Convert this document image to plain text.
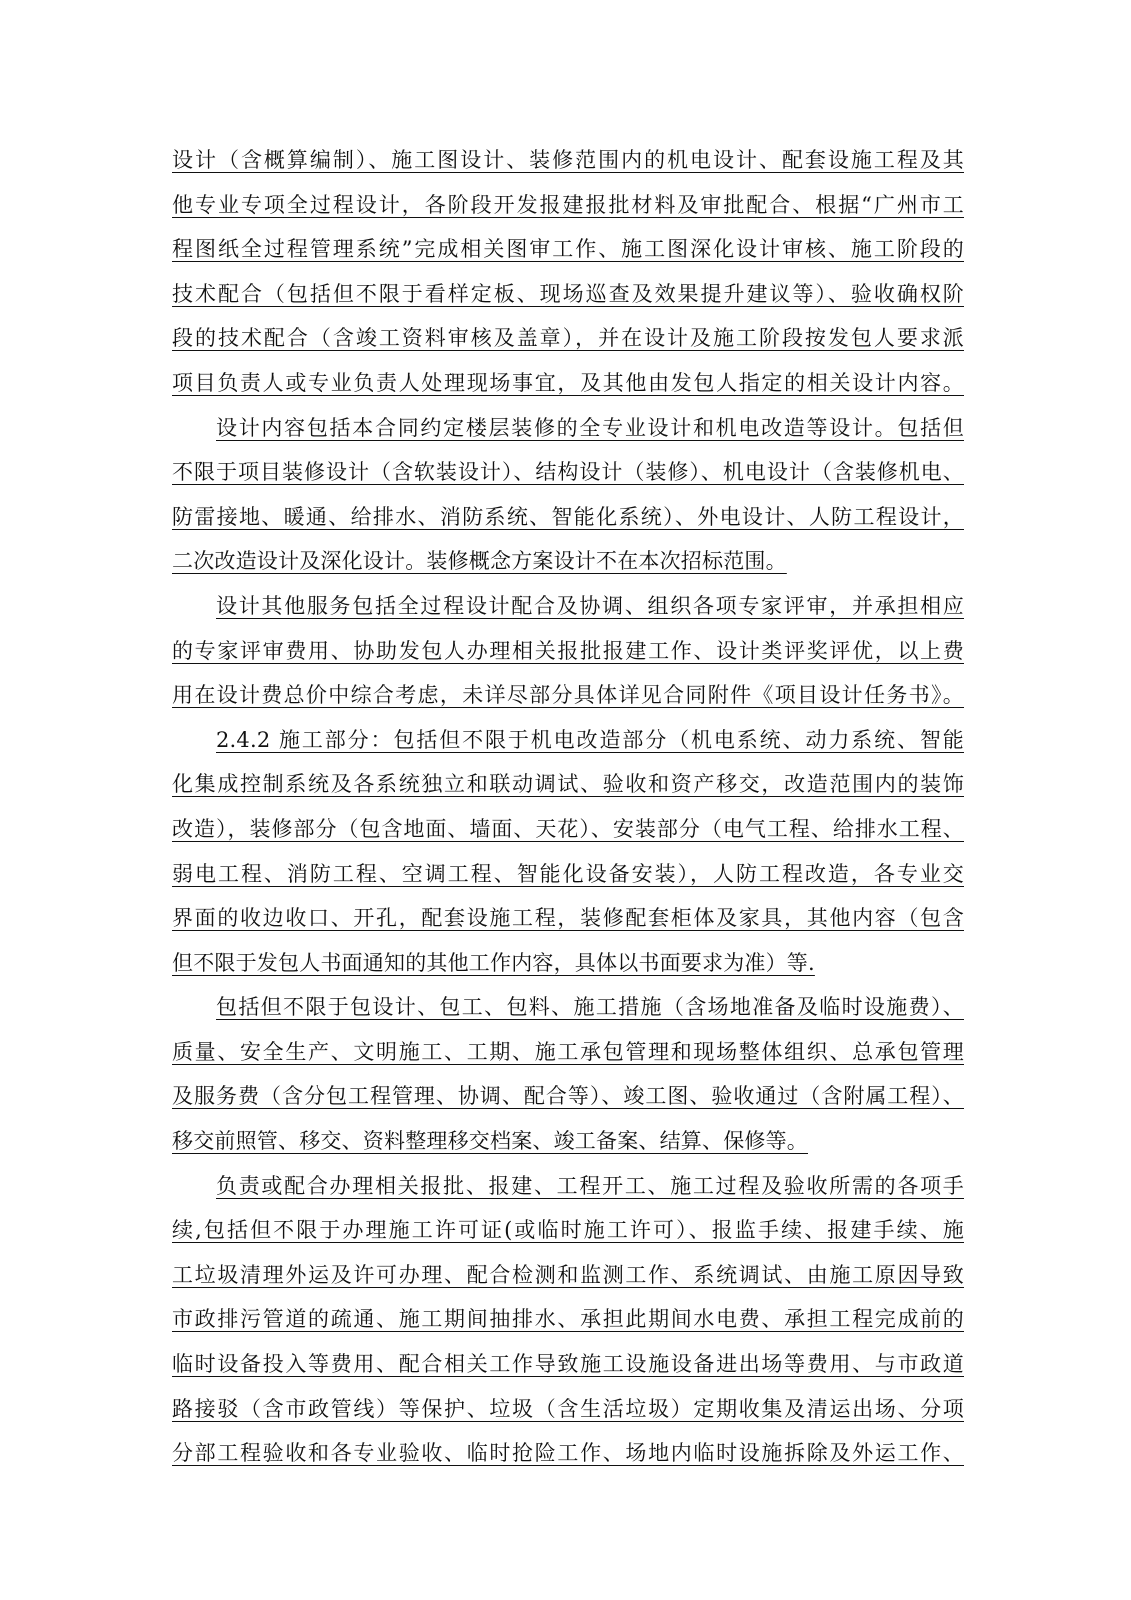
设计（含概算编制）、施工图设计、装修范围内的机电设计、配套设施工程及其
他专业专项全过程设计，各阶段开发报建报批材料及审批配合、根据“广州市工
程图纸全过程管理系统”完成相关图审工作、施工图深化设计审核、施工阶段的
技术配合（包括但不限于看样定板、现场巡查及效果提升建议等）、验收确权阶
段的技术配合（含竣工资料审核及盖章），并在设计及施工阶段按发包人要求派
项目负责人或专业负责人处理现场事宜，及其他由发包人指定的相关设计内容。
设计内容包括本合同约定楼层装修的全专业设计和机电改造等设计。包括但
不限于项目装修设计（含软装设计）、结构设计（装修）、机电设计（含装修机电、
防雷接地、暖通、给排水、消防系统、智能化系统）、外电设计、人防工程设计，
二次改造设计及深化设计。装修概念方案设计不在本次招标范围。
设计其他服务包括全过程设计配合及协调、组织各项专家评审，并承担相应
的专家评审费用、协助发包人办理相关报批报建工作、设计类评奖评优，以上费
用在设计费总价中综合考虑，未详尽部分具体详见合同附件《项目设计任务书》。
2.4.2 施工部分：包括但不限于机电改造部分（机电系统、动力系统、智能
化集成控制系统及各系统独立和联动调试、验收和资产移交，改造范围内的装饰
改造），装修部分（包含地面、墙面、天花）、安装部分（电气工程、给排水工程、
弱电工程、消防工程、空调工程、智能化设备安装），人防工程改造，各专业交
界面的收边收口、开孔，配套设施工程，装修配套柜体及家具，其他内容（包含
但不限于发包人书面通知的其他工作内容，具体以书面要求为准）等.
包括但不限于包设计、包工、包料、施工措施（含场地准备及临时设施费）、
质量、安全生产、文明施工、工期、施工承包管理和现场整体组织、总承包管理
及服务费（含分包工程管理、协调、配合等）、竣工图、验收通过（含附属工程）、
移交前照管、移交、资料整理移交档案、竣工备案、结算、保修等。
负责或配合办理相关报批、报建、工程开工、施工过程及验收所需的各项手
续,包括但不限于办理施工许可证(或临时施工许可）、报监手续、报建手续、施
工垃圾清理外运及许可办理、配合检测和监测工作、系统调试、由施工原因导致
市政排污管道的疏通、施工期间抽排水、承担此期间水电费、承担工程完成前的
临时设备投入等费用、配合相关工作导致施工设施设备进出场等费用、与市政道
路接驳（含市政管线）等保护、垃圾（含生活垃圾）定期收集及清运出场、分项
分部工程验收和各专业验收、临时抢险工作、场地内临时设施拆除及外运工作、
